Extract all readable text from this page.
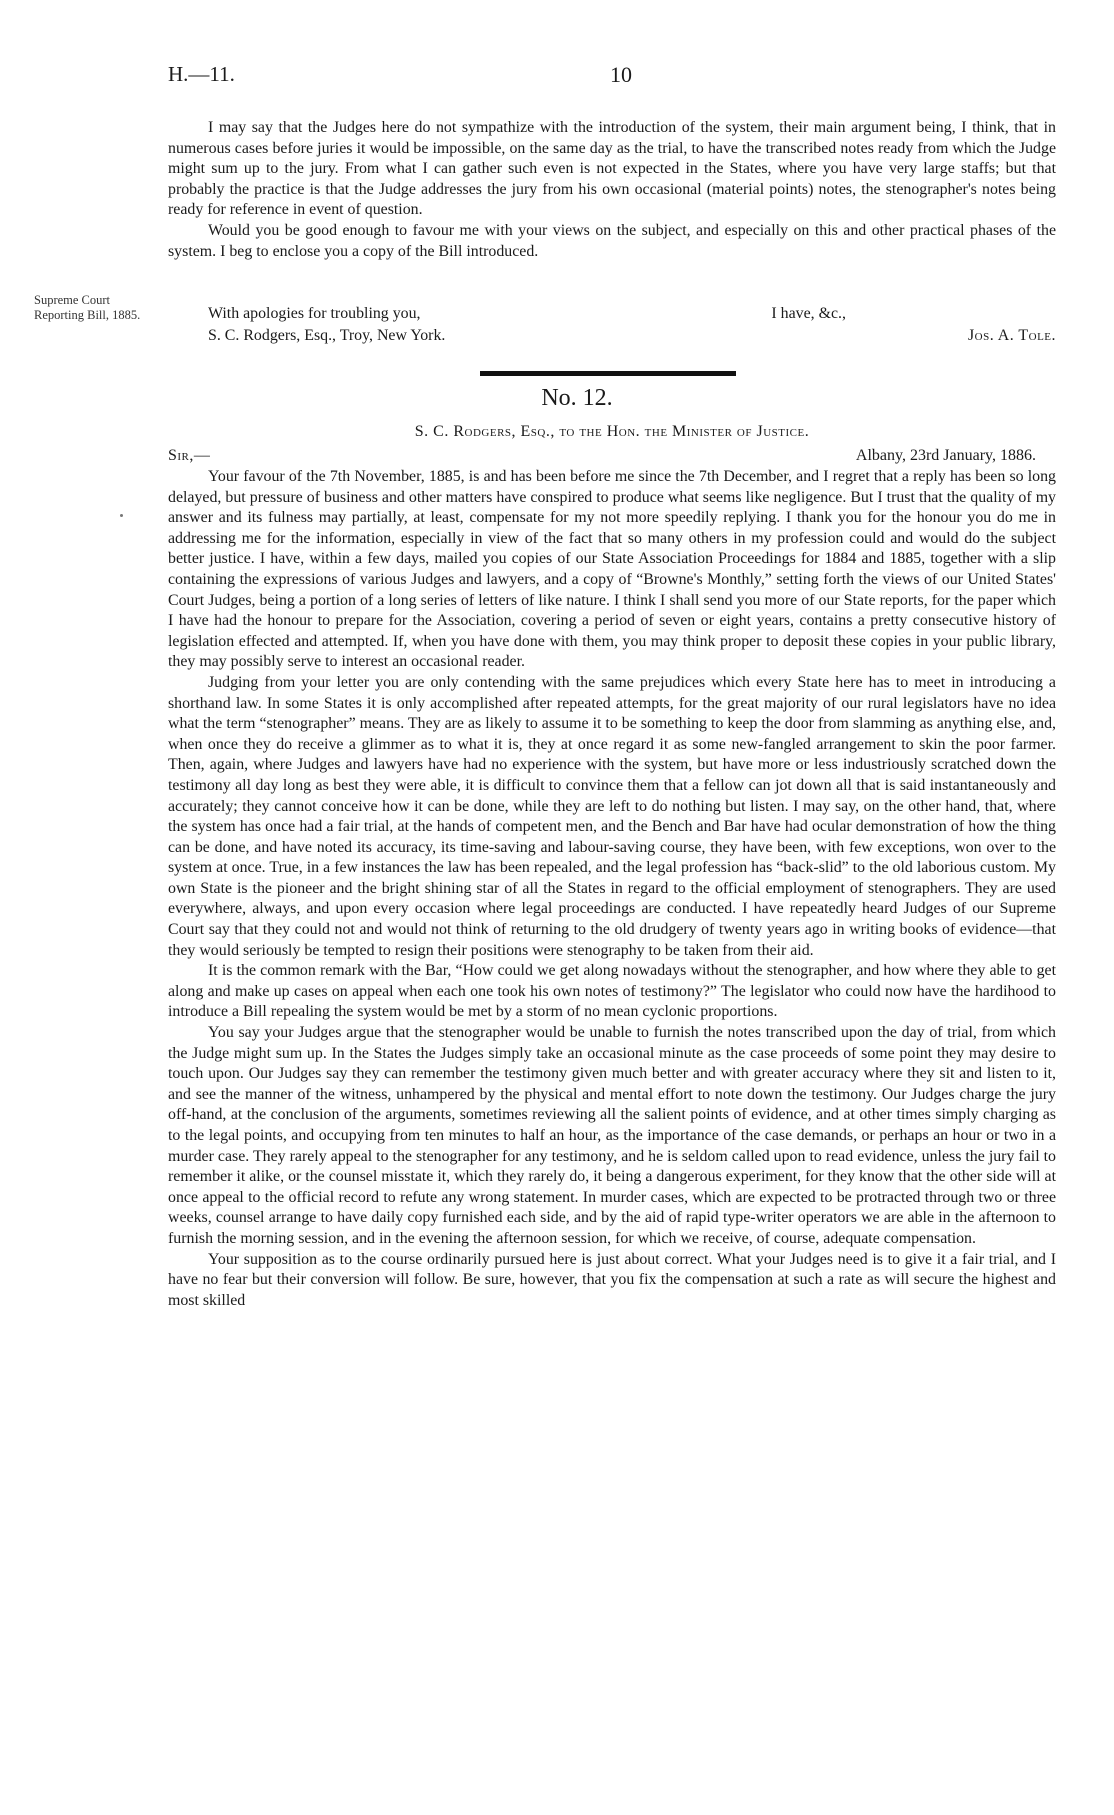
H.—11.	10

I may say that the Judges here do not sympathize with the introduction of the system, their main argument being, I think, that in numerous cases before juries it would be impossible, on the same day as the trial, to have the transcribed notes ready from which the Judge might sum up to the jury. From what I can gather such even is not expected in the States, where you have very large staffs; but that probably the practice is that the Judge addresses the jury from his own occasional (material points) notes, the stenographer's notes being ready for reference in event of question.

Would you be good enough to favour me with your views on the subject, and especially on this and other practical phases of the system. I beg to enclose you a copy of the Bill introduced.

Supreme Court Reporting Bill, 1885.	With apologies for troubling you,	I have, &c.,
S. C. Rodgers, Esq., Troy, New York.	Jos. A. Tole.
No. 12.
S. C. Rodgers, Esq., to the Hon. the Minister of Justice.
Sir,—	Albany, 23rd January, 1886.

Your favour of the 7th November, 1885, is and has been before me since the 7th December, and I regret that a reply has been so long delayed, but pressure of business and other matters have conspired to produce what seems like negligence. But I trust that the quality of my answer and its fulness may partially, at least, compensate for my not more speedily replying. I thank you for the honour you do me in addressing me for the information, especially in view of the fact that so many others in my profession could and would do the subject better justice. I have, within a few days, mailed you copies of our State Association Proceedings for 1884 and 1885, together with a slip containing the expressions of various Judges and lawyers, and a copy of “Browne's Monthly,” setting forth the views of our United States' Court Judges, being a portion of a long series of letters of like nature. I think I shall send you more of our State reports, for the paper which I have had the honour to prepare for the Association, covering a period of seven or eight years, contains a pretty consecutive history of legislation effected and attempted. If, when you have done with them, you may think proper to deposit these copies in your public library, they may possibly serve to interest an occasional reader.

Judging from your letter you are only contending with the same prejudices which every State here has to meet in introducing a shorthand law. In some States it is only accomplished after repeated attempts, for the great majority of our rural legislators have no idea what the term “stenographer” means. They are as likely to assume it to be something to keep the door from slamming as anything else, and, when once they do receive a glimmer as to what it is, they at once regard it as some new-fangled arrangement to skin the poor farmer. Then, again, where Judges and lawyers have had no experience with the system, but have more or less industriously scratched down the testimony all day long as best they were able, it is difficult to convince them that a fellow can jot down all that is said instantaneously and accurately; they cannot conceive how it can be done, while they are left to do nothing but listen. I may say, on the other hand, that, where the system has once had a fair trial, at the hands of competent men, and the Bench and Bar have had ocular demonstration of how the thing can be done, and have noted its accuracy, its time-saving and labour-saving course, they have been, with few exceptions, won over to the system at once. True, in a few instances the law has been repealed, and the legal profession has “back-slid” to the old laborious custom. My own State is the pioneer and the bright shining star of all the States in regard to the official employment of stenographers. They are used everywhere, always, and upon every occasion where legal proceedings are conducted. I have repeatedly heard Judges of our Supreme Court say that they could not and would not think of returning to the old drudgery of twenty years ago in writing books of evidence—that they would seriously be tempted to resign their positions were stenography to be taken from their aid.

It is the common remark with the Bar, “How could we get along nowadays without the stenographer, and how where they able to get along and make up cases on appeal when each one took his own notes of testimony?” The legislator who could now have the hardihood to introduce a Bill repealing the system would be met by a storm of no mean cyclonic proportions.

You say your Judges argue that the stenographer would be unable to furnish the notes transcribed upon the day of trial, from which the Judge might sum up. In the States the Judges simply take an occasional minute as the case proceeds of some point they may desire to touch upon. Our Judges say they can remember the testimony given much better and with greater accuracy where they sit and listen to it, and see the manner of the witness, unhampered by the physical and mental effort to note down the testimony. Our Judges charge the jury off-hand, at the conclusion of the arguments, sometimes reviewing all the salient points of evidence, and at other times simply charging as to the legal points, and occupying from ten minutes to half an hour, as the importance of the case demands, or perhaps an hour or two in a murder case. They rarely appeal to the stenographer for any testimony, and he is seldom called upon to read evidence, unless the jury fail to remember it alike, or the counsel misstate it, which they rarely do, it being a dangerous experiment, for they know that the other side will at once appeal to the official record to refute any wrong statement. In murder cases, which are expected to be protracted through two or three weeks, counsel arrange to have daily copy furnished each side, and by the aid of rapid type-writer operators we are able in the afternoon to furnish the morning session, and in the evening the afternoon session, for which we receive, of course, adequate compensation.

Your supposition as to the course ordinarily pursued here is just about correct. What your Judges need is to give it a fair trial, and I have no fear but their conversion will follow. Be sure, however, that you fix the compensation at such a rate as will secure the highest and most skilled
